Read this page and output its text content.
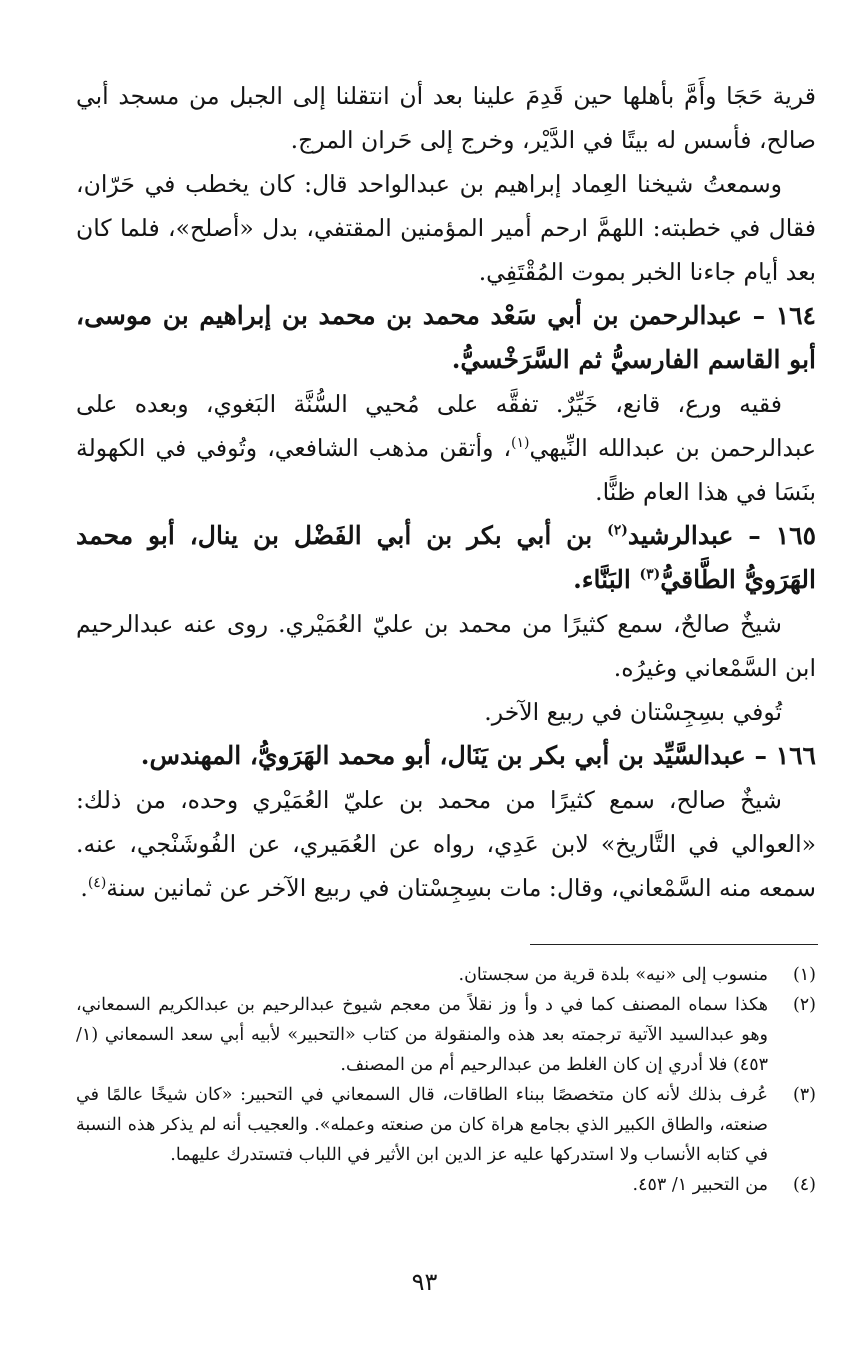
قرية حَجَا وأَمَّ بأهلها حين قَدِمَ علينا بعد أن انتقلنا إلى الجبل من مسجد أبي صالح، فأسس له بيتًا في الدَّيْر، وخرج إلى حَران المرج.

وسمعتُ شيخنا العِماد إبراهيم بن عبدالواحد قال: كان يخطب في حَرّان، فقال في خطبته: اللهمَّ ارحم أمير المؤمنين المقتفي، بدل «أصلح»، فلما كان بعد أيام جاءنا الخبر بموت المُقْتَفِي.

١٦٤ – عبدالرحمن بن أبي سَعْد محمد بن محمد بن إبراهيم بن موسى، أبو القاسم الفارسيُّ ثم السَّرَخْسيُّ.

فقيه ورع، قانع، خَيِّرٌ. تفقَّه على مُحيي السُّنَّة البَغوي، وبعده على عبدالرحمن بن عبدالله النِّيهي$^{(١)}$، وأتقن مذهب الشافعي، وتُوفي في الكهولة بنَسَا في هذا العام ظنًّا.

١٦٥ – عبدالرشيد$^{(٢)}$ بن أبي بكر بن أبي الفَضْل بن ينال، أبو محمد الهَرَويُّ الطَّاقيُّ$^{(٣)}$ البَنَّاء.

شيخٌ صالحٌ، سمع كثيرًا من محمد بن عليّ العُمَيْري. روى عنه عبدالرحيم ابن السَّمْعاني وغيرُه.

تُوفي بسِجِسْتان في ربيع الآخر.

١٦٦ – عبدالسَّيِّد بن أبي بكر بن يَنَال، أبو محمد الهَرَويُّ، المهندس.

شيخٌ صالح، سمع كثيرًا من محمد بن عليّ العُمَيْري وحده، من ذلك: «العوالي في التَّاريخ» لابن عَدِي، رواه عن العُمَيري، عن الفُوشَنْجي، عنه. سمعه منه السَّمْعاني، وقال: مات بسِجِسْتان في ربيع الآخر عن ثمانين سنة$^{(٤)}$.

(١)
منسوب إلى «نيه» بلدة قرية من سجستان.
(٢)
هكذا سماه المصنف كما في د وأ وز نقلاً من معجم شيوخ عبدالرحيم بن عبدالكريم السمعاني، وهو عبدالسيد الآتية ترجمته بعد هذه والمنقولة من كتاب «التحبير» لأبيه أبي سعد السمعاني (١/ ٤٥٣) فلا أدري إن كان الغلط من عبدالرحيم أم من المصنف.
(٣)
عُرف بذلك لأنه كان متخصصًا ببناء الطاقات، قال السمعاني في التحبير: «كان شيخًا عالمًا في صنعته، والطاق الكبير الذي بجامع هراة كان من صنعته وعمله». والعجيب أنه لم يذكر هذه النسبة في كتابه الأنساب ولا استدركها عليه عز الدين ابن الأثير في اللباب فتستدرك عليهما.
(٤)
من التحبير ١/ ٤٥٣.
٩٣
